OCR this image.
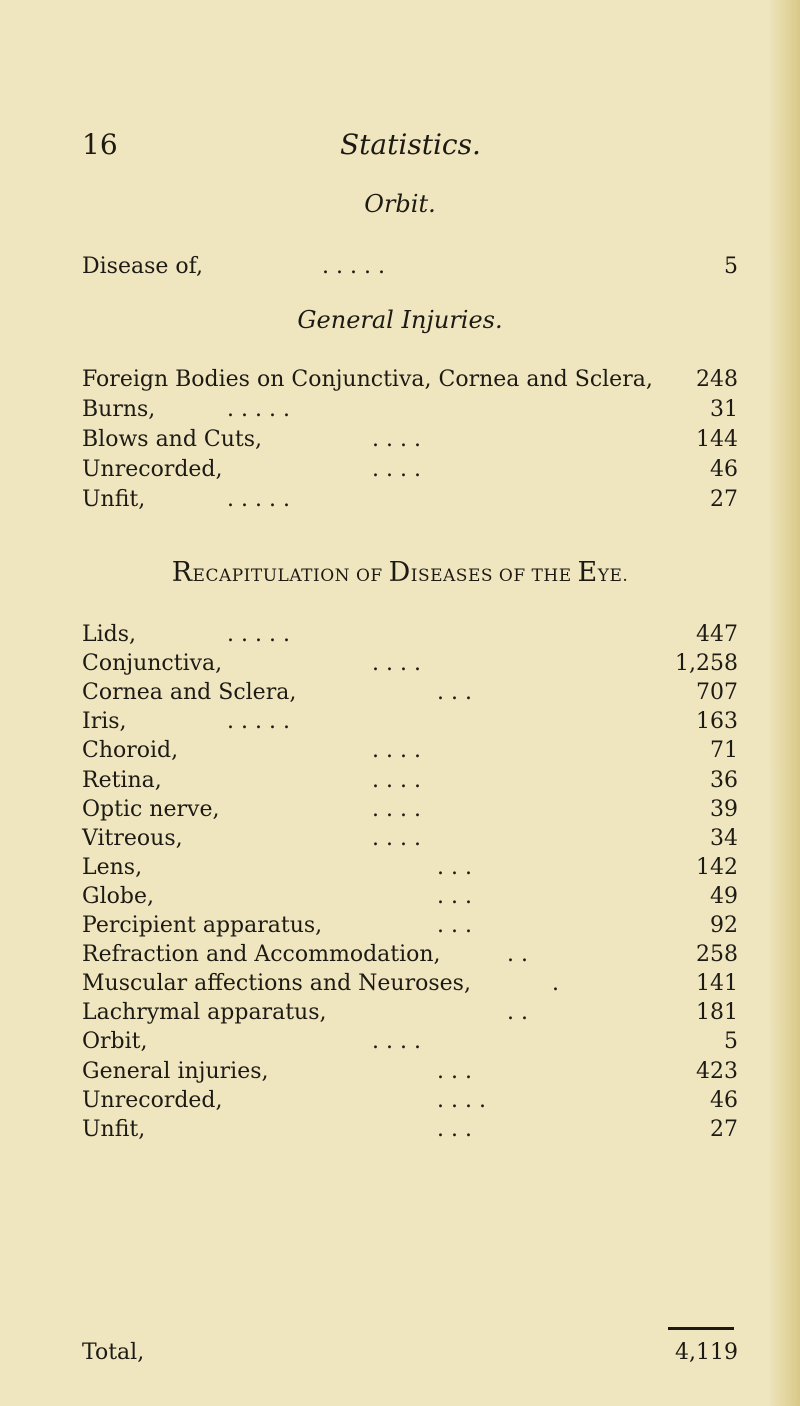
16	Statistics.
Orbit.
Disease of,	. . . . .	5
General Injuries.
Foreign Bodies on Conjunctiva, Cornea and Sclera, 248
Burns,	. . . . .	31
Blows and Cuts,	. . . .	144
Unrecorded,	. . . .	46
Unfit,	. . . . .	27
RECAPITULATION OF DISEASES OF THE EYE.
Lids,	. . . . .	447
Conjunctiva,	. . . .	1,258
Cornea and Sclera,	. . .	707
Iris,	. . . . .	163
Choroid,	. . . .	71
Retina,	. . . .	36
Optic nerve,	. . . .	39
Vitreous,	. . . .	34
Lens,	. . .	142
Globe,	. . .	49
Percipient apparatus,	. . .	92
Refraction and Accommodation,	. .	258
Muscular affections and Neuroses,	.	141
Lachrymal apparatus,	. .	181
Orbit,	. . . .	5
General injuries,	. . .	423
Unrecorded,	. . . .	46
Unfit,	. . .	27
Total,	4,119
